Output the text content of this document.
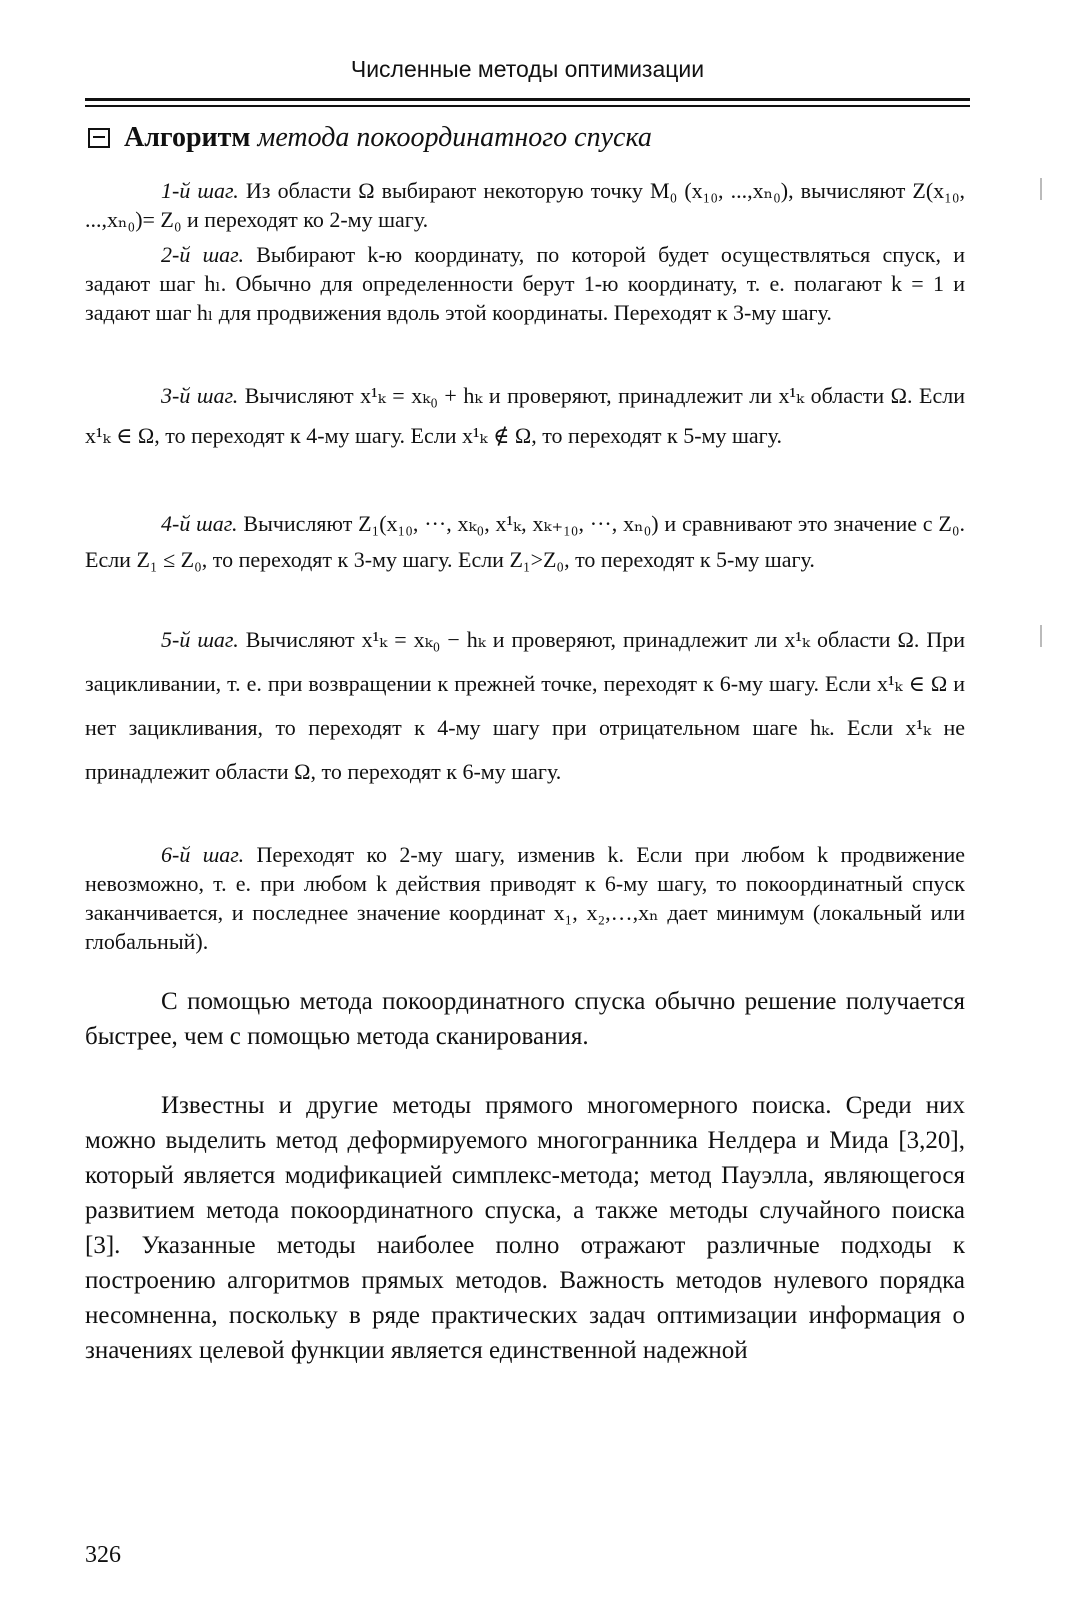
Численные методы оптимизации
Алгоритм метода покоординатного спуска
1-й шаг. Из области Ω выбирают некоторую точку M₀ (x₁₀, ...,xₙ₀), вычисляют Z(x₁₀, ...,xₙ₀)= Z₀ и переходят ко 2-му шагу.
2-й шаг. Выбирают k-ю координату, по которой будет осуществляться спуск, и задают шаг hₗ. Обычно для определенности берут 1-ю координату, т. е. полагают k = 1 и задают шаг hₗ для продвижения вдоль этой координаты. Переходят к 3-му шагу.
3-й шаг. Вычисляют x¹ₖ = xₖ₀ + hₖ и проверяют, принадлежит ли x¹ₖ области Ω. Если x¹ₖ ∈ Ω, то переходят к 4-му шагу. Если x¹ₖ ∉ Ω, то переходят к 5-му шагу.
4-й шаг. Вычисляют Z₁(x₁₀, ···, xₖ₀, x¹ₖ, xₖ₊₁₀, ···, xₙ₀) и сравнивают это значение с Z₀. Если Z₁ ≤ Z₀, то переходят к 3-му шагу. Если Z₁>Z₀, то переходят к 5-му шагу.
5-й шаг. Вычисляют x¹ₖ = xₖ₀ − hₖ и проверяют, принадлежит ли x¹ₖ области Ω. При зацикливании, т. е. при возвращении к прежней точке, переходят к 6-му шагу. Если x¹ₖ ∈ Ω и нет зацикливания, то переходят к 4-му шагу при отрицательном шаге hₖ. Если x¹ₖ не принадлежит области Ω, то переходят к 6-му шагу.
6-й шаг. Переходят ко 2-му шагу, изменив k. Если при любом k продвижение невозможно, т. е. при любом k действия приводят к 6-му шагу, то покоординатный спуск заканчивается, и последнее значение координат x₁, x₂,…,xₙ дает минимум (локальный или глобальный).
С помощью метода покоординатного спуска обычно решение получается быстрее, чем с помощью метода сканирования.
Известны и другие методы прямого многомерного поиска. Среди них можно выделить метод деформируемого многогранника Нелдера и Мида [3,20], который является модификацией симплекс-метода; метод Пауэлла, являющегося развитием метода покоординатного спуска, а также методы случайного поиска [3]. Указанные методы наиболее полно отражают различные подходы к построению алгоритмов прямых методов. Важность методов нулевого порядка несомненна, поскольку в ряде практических задач оптимизации информация о значениях целевой функции является единственной надежной
326
